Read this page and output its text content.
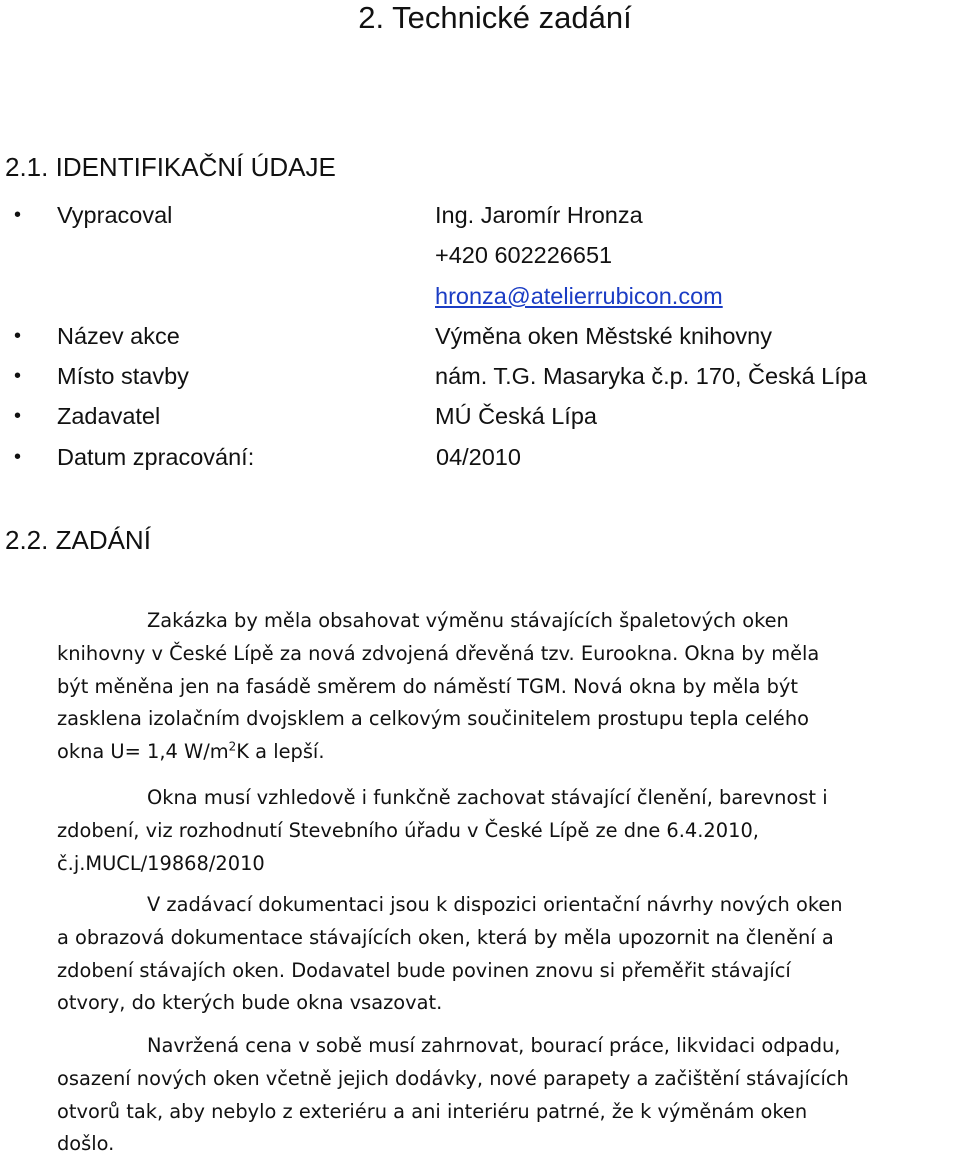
2. Technické zadání
2.1. IDENTIFIKAČNÍ ÚDAJE
• Vypracoval	Ing. Jaromír Hronza
+420 602226651
hronza@atelierrubicon.com
• Název akce	Výměna oken Městské knihovny
• Místo stavby	nám. T.G. Masaryka č.p. 170, Česká Lípa
• Zadavatel	MÚ Česká Lípa
• Datum zpracování:	04/2010
2.2. ZADÁNÍ
Zakázka by měla obsahovat výměnu stávajících špaletových oken
knihovny v České Lípě za nová zdvojená dřevěná tzv. Eurookna. Okna by měla
být měněna jen na fasádě směrem do náměstí TGM. Nová okna by měla být
zasklena izolačním dvojsklem a celkovým součinitelem prostupu tepla celého
okna U= 1,4 $W/m^2K$ a lepší.
Okna musí vzhledově i funkčně zachovat stávající členění, barevnost i
zdobení, viz rozhodnutí Stevebního úřadu v České Lípě ze dne 6.4.2010,
č.j.MUCL/19868/2010
V zadávací dokumentaci jsou k dispozici orientační návrhy nových oken
a obrazová dokumentace stávajících oken, která by měla upozornit na členění a
zdobení stávajích oken. Dodavatel bude povinen znovu si přeměřit stávající
otvory, do kterých bude okna vsazovat.
Navržená cena v sobě musí zahrnovat, bourací práce, likvidaci odpadu,
osazení nových oken včetně jejich dodávky, nové parapety a začištění stávajících
otvorů tak, aby nebylo z exteriéru a ani interiéru patrné, že k výměnám oken
došlo.
